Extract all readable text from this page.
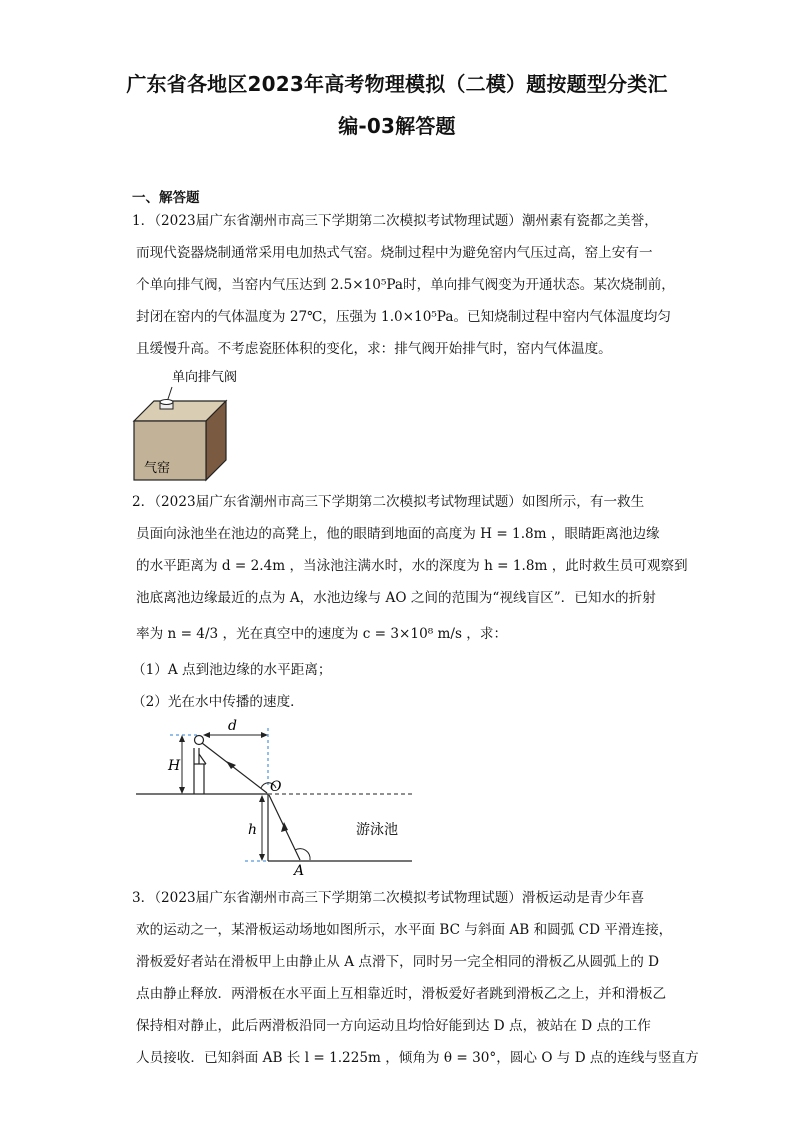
广东省各地区2023年高考物理模拟（二模）题按题型分类汇
编-03解答题
一、解答题
1．（2023届广东省潮州市高三下学期第二次模拟考试物理试题）潮州素有瓷都之美誉，
而现代瓷器烧制通常采用电加热式气窑。烧制过程中为避免窑内气压过高，窑上安有一
个单向排气阀，当窑内气压达到 2.5×10⁵Pa时，单向排气阀变为开通状态。某次烧制前，
封闭在窑内的气体温度为 27℃，压强为 1.0×10⁵Pa。已知烧制过程中窑内气体温度均匀
且缓慢升高。不考虑瓷胚体积的变化，求：排气阀开始排气时，窑内气体温度。
单向排气阀
气窑
2．（2023届广东省潮州市高三下学期第二次模拟考试物理试题）如图所示，有一救生
员面向泳池坐在池边的高凳上，他的眼睛到地面的高度为 H = 1.8m ，眼睛距离池边缘
的水平距离为 d = 2.4m ，当泳池注满水时，水的深度为 h = 1.8m ，此时救生员可观察到
池底离池边缘最近的点为 A，水池边缘与 AO 之间的范围为“视线盲区”．已知水的折射
率为 n = 4/3 ，光在真空中的速度为 c = 3×10⁸ m/s ，求：
（1）A 点到池边缘的水平距离；
（2）光在水中传播的速度．
H
d
h
O
A
游泳池
3．（2023届广东省潮州市高三下学期第二次模拟考试物理试题）滑板运动是青少年喜
欢的运动之一，某滑板运动场地如图所示，水平面 BC 与斜面 AB 和圆弧 CD 平滑连接，
滑板爱好者站在滑板甲上由静止从 A 点滑下，同时另一完全相同的滑板乙从圆弧上的 D
点由静止释放．两滑板在水平面上互相靠近时，滑板爱好者跳到滑板乙之上，并和滑板乙
保持相对静止，此后两滑板沿同一方向运动且均恰好能到达 D 点，被站在 D 点的工作
人员接收．已知斜面 AB 长 l = 1.225m ，倾角为 θ = 30°，圆心 O 与 D 点的连线与竖直方
